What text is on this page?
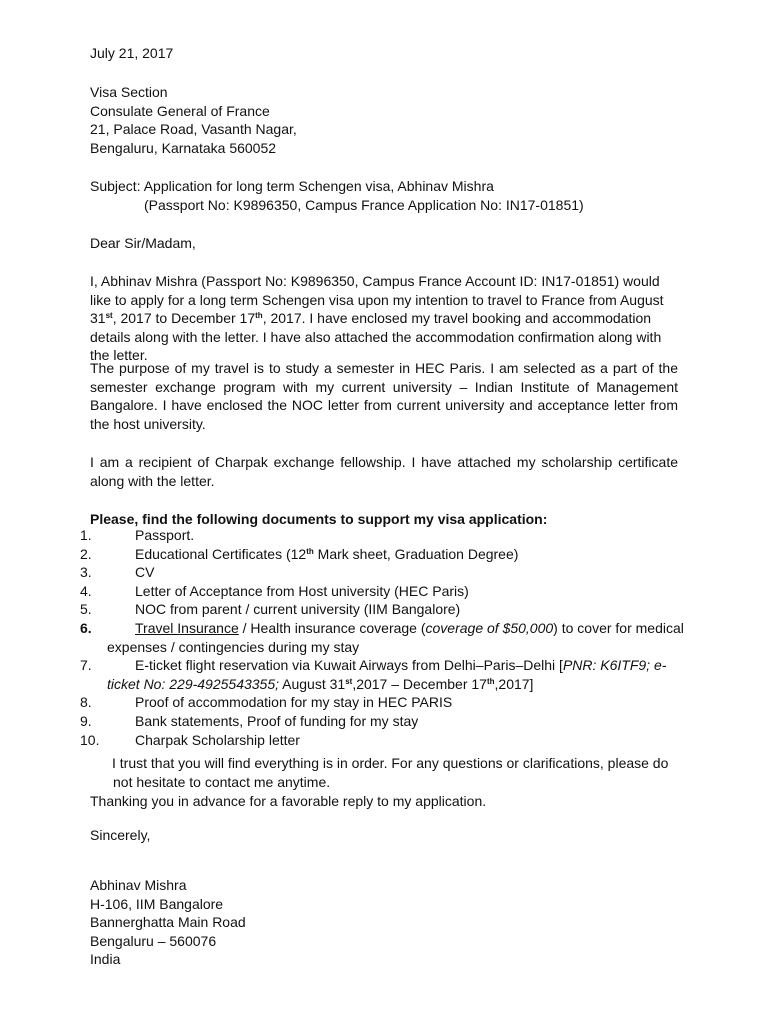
July 21, 2017
Visa Section
Consulate General of France
21, Palace Road, Vasanth Nagar,
Bengaluru, Karnataka 560052
Subject: Application for long term Schengen visa, Abhinav Mishra
(Passport No: K9896350, Campus France Application No: IN17-01851)
Dear Sir/Madam,

I, Abhinav Mishra (Passport No: K9896350, Campus France Account ID: IN17-01851) would like to apply for a long term Schengen visa upon my intention to travel to France from August 31st, 2017 to December 17th, 2017. I have enclosed my travel booking and accommodation details along with the letter. I have also attached the accommodation confirmation along with the letter.

The purpose of my travel is to study a semester in HEC Paris. I am selected as a part of the semester exchange program with my current university – Indian Institute of Management Bangalore. I have enclosed the NOC letter from current university and acceptance letter from the host university.

I am a recipient of Charpak exchange fellowship. I have attached my scholarship certificate along with the letter.

Please, find the following documents to support my visa application:
1.	Passport.
2.	Educational Certificates (12th Mark sheet, Graduation Degree)
3.	CV
4.	Letter of Acceptance from Host university (HEC Paris)
5.	NOC from parent / current university (IIM Bangalore)
6.	Travel Insurance / Health insurance coverage (coverage of $50,000) to cover for medical
expenses / contingencies during my stay
7.	E-ticket flight reservation via Kuwait Airways from Delhi–Paris–Delhi [PNR: K6ITF9; e-
ticket No: 229-4925543355; August 31st,2017 – December 17th,2017]
8.	Proof of accommodation for my stay in HEC PARIS
9.	Bank statements, Proof of funding for my stay
10.	Charpak Scholarship letter
I trust that you will find everything is in order. For any questions or clarifications, please do
not hesitate to contact me anytime.
Thanking you in advance for a favorable reply to my application.
Sincerely,
Abhinav Mishra
H-106, IIM Bangalore
Bannerghatta Main Road
Bengaluru – 560076
India
